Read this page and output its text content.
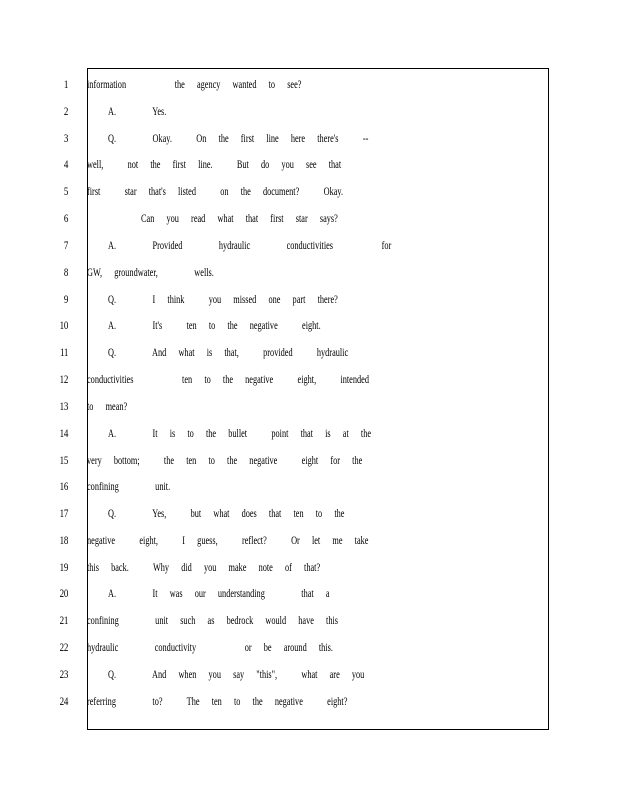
1 information    the agency wanted to see?
2	A.   Yes.
3	Q.   Okay.  On the first line here there's  --
4 well,  not the first line.  But do you see that
5 first  star that's listed  on the document?  Okay.
6	Can you read what that first star says?
7	A.   Provided   hydraulic   conductivities    for
8 GW, groundwater,   wells.
9	Q.   I think  you missed one part there?
10	A.   It's  ten to the negative  eight.
11	Q.   And what is that,  provided  hydraulic
12 conductivities    ten to the negative  eight,  intended
13 to mean?
14	A.   It is to the bullet  point that is at the
15 very bottom;  the ten to the negative  eight for the
16 confining   unit.
17	Q.   Yes,  but what does that ten to the
18 negative  eight,  I guess,  reflect?  Or let me take
19 this back.  Why did you make note of that?
20	A.   It was our understanding   that a
21 confining   unit such as bedrock would have this
22 hydraulic   conductivity    or be around this.
23	Q.   And when you say "this",  what are you
24 referring   to?  The ten to the negative  eight?
